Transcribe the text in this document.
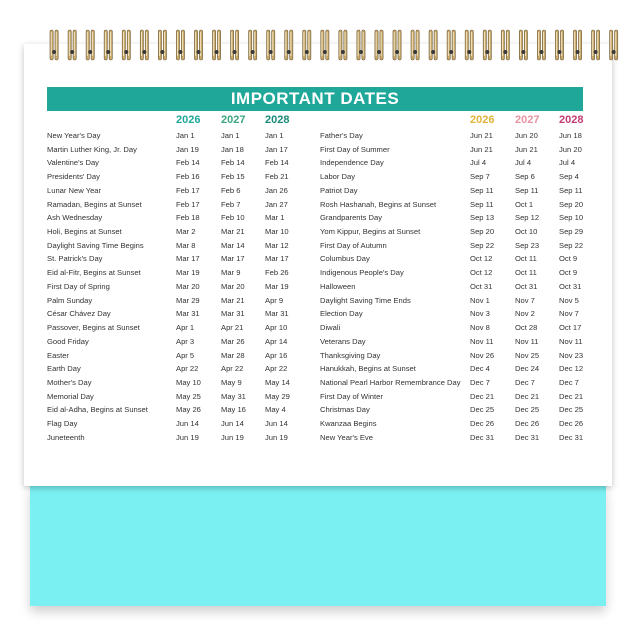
IMPORTANT DATES
2026 2027 2028	2026 2027 2028
New Year's Day	Jan 1	Jan 1	Jan 1	Father's Day	Jun 21	Jun 20	Jun 18
Martin Luther King, Jr. Day	Jan 19	Jan 18	Jan 17	First Day of Summer	Jun 21	Jun 21	Jun 20
Valentine's Day	Feb 14	Feb 14	Feb 14	Independence Day	Jul 4	Jul 4	Jul 4
Presidents' Day	Feb 16	Feb 15	Feb 21	Labor Day	Sep 7	Sep 6	Sep 4
Lunar New Year	Feb 17	Feb 6	Jan 26	Patriot Day	Sep 11	Sep 11	Sep 11
Ramadan, Begins at Sunset	Feb 17	Feb 7	Jan 27	Rosh Hashanah, Begins at Sunset	Sep 11	Oct 1	Sep 20
Ash Wednesday	Feb 18	Feb 10	Mar 1	Grandparents Day	Sep 13	Sep 12	Sep 10
Holi, Begins at Sunset	Mar 2	Mar 21	Mar 10	Yom Kippur, Begins at Sunset	Sep 20	Oct 10	Sep 29
Daylight Saving Time Begins	Mar 8	Mar 14	Mar 12	First Day of Autumn	Sep 22	Sep 23	Sep 22
St. Patrick's Day	Mar 17	Mar 17	Mar 17	Columbus Day	Oct 12	Oct 11	Oct 9
Eid al-Fitr, Begins at Sunset	Mar 19	Mar 9	Feb 26	Indigenous People's Day	Oct 12	Oct 11	Oct 9
First Day of Spring	Mar 20	Mar 20	Mar 19	Halloween	Oct 31	Oct 31	Oct 31
Palm Sunday	Mar 29	Mar 21	Apr 9	Daylight Saving Time Ends	Nov 1	Nov 7	Nov 5
César Chávez Day	Mar 31	Mar 31	Mar 31	Election Day	Nov 3	Nov 2	Nov 7
Passover, Begins at Sunset	Apr 1	Apr 21	Apr 10	Diwali	Nov 8	Oct 28	Oct 17
Good Friday	Apr 3	Mar 26	Apr 14	Veterans Day	Nov 11	Nov 11	Nov 11
Easter	Apr 5	Mar 28	Apr 16	Thanksgiving Day	Nov 26	Nov 25	Nov 23
Earth Day	Apr 22	Apr 22	Apr 22	Hanukkah, Begins at Sunset	Dec 4	Dec 24	Dec 12
Mother's Day	May 10	May 9	May 14	National Pearl Harbor Remembrance Day Dec 7	Dec 7	Dec 7
Memorial Day	May 25	May 31	May 29	First Day of Winter	Dec 21	Dec 21	Dec 21
Eid al-Adha, Begins at Sunset	May 26	May 16	May 4	Christmas Day	Dec 25	Dec 25	Dec 25
Flag Day	Jun 14	Jun 14	Jun 14	Kwanzaa Begins	Dec 26	Dec 26	Dec 26
Juneteenth	Jun 19	Jun 19	Jun 19	New Year's Eve	Dec 31	Dec 31	Dec 31
